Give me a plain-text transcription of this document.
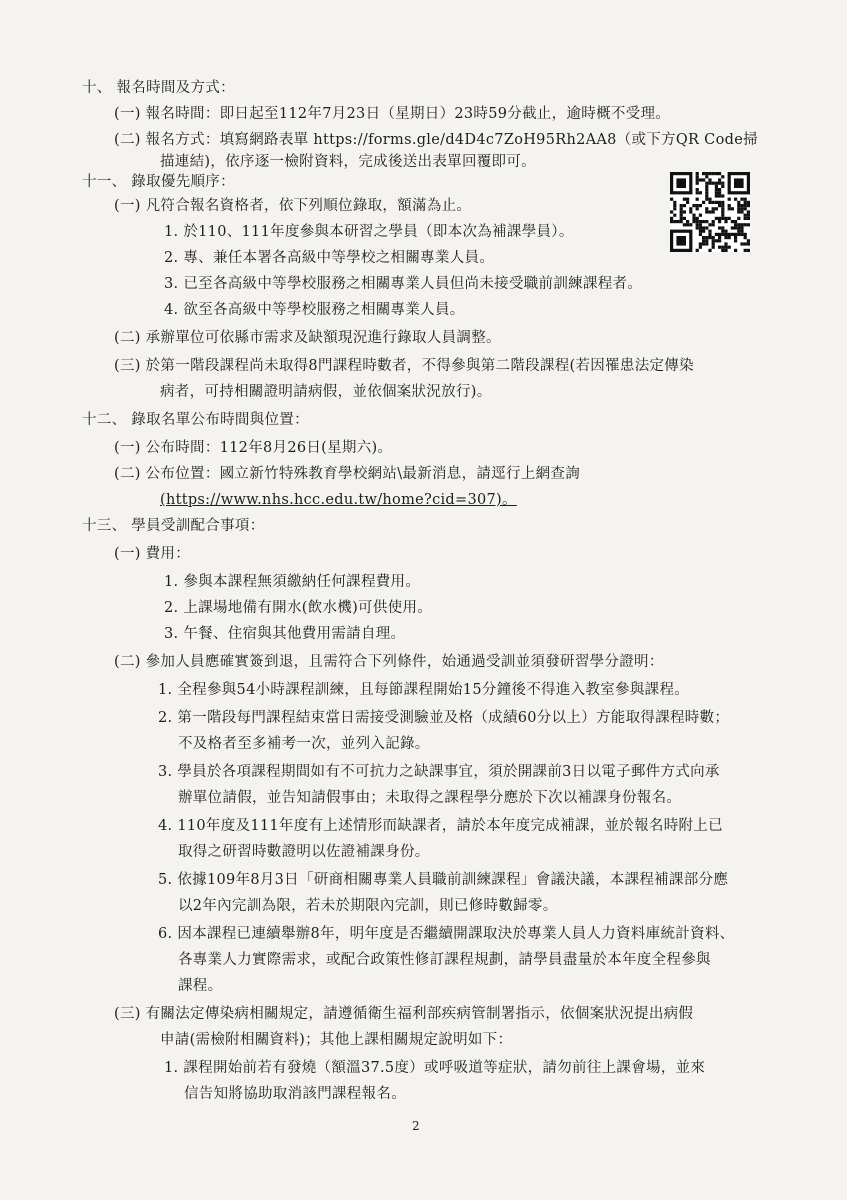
十、 報名時間及方式：
(一) 報名時間：即日起至112年7月23日（星期日）23時59分截止，逾時概不受理。
(二) 報名方式：填寫網路表單 https://forms.gle/d4D4c7ZoH95Rh2AA8（或下方QR Code掃
描連結)，依序逐一檢附資料，完成後送出表單回覆即可。
十一、 錄取優先順序：
(一) 凡符合報名資格者，依下列順位錄取，額滿為止。
1. 於110、111年度參與本研習之學員（即本次為補課學員）。
2. 專、兼任本署各高級中等學校之相關專業人員。
3. 已至各高級中等學校服務之相關專業人員但尚未接受職前訓練課程者。
4. 欲至各高級中等學校服務之相關專業人員。
(二) 承辦單位可依縣市需求及缺額現況進行錄取人員調整。
(三) 於第一階段課程尚未取得8門課程時數者，不得參與第二階段課程(若因罹患法定傳染
病者，可持相關證明請病假，並依個案狀況放行)。
十二、 錄取名單公布時間與位置：
(一) 公布時間：112年8月26日(星期六)。
(二) 公布位置：國立新竹特殊教育學校網站\最新消息，請逕行上網查詢
(https://www.nhs.hcc.edu.tw/home?cid=307)。
十三、 學員受訓配合事項：
(一) 費用：
1. 參與本課程無須繳納任何課程費用。
2. 上課場地備有開水(飲水機)可供使用。
3. 午餐、住宿與其他費用需請自理。
(二) 參加人員應確實簽到退，且需符合下列條件，始通過受訓並須發研習學分證明：
1. 全程參與54小時課程訓練，且每節課程開始15分鐘後不得進入教室參與課程。
2. 第一階段每門課程結束當日需接受測驗並及格（成績60分以上）方能取得課程時數；
不及格者至多補考一次，並列入記錄。
3. 學員於各項課程期間如有不可抗力之缺課事宜，須於開課前3日以電子郵件方式向承
辦單位請假，並告知請假事由；未取得之課程學分應於下次以補課身份報名。
4. 110年度及111年度有上述情形而缺課者，請於本年度完成補課，並於報名時附上已
取得之研習時數證明以佐證補課身份。
5. 依據109年8月3日「研商相關專業人員職前訓練課程」會議決議，本課程補課部分應
以2年內完訓為限，若未於期限內完訓，則已修時數歸零。
6. 因本課程已連續舉辦8年，明年度是否繼續開課取決於專業人員人力資料庫統計資料、
各專業人力實際需求，或配合政策性修訂課程規劃，請學員盡量於本年度全程參與
課程。
(三) 有關法定傳染病相關規定，請遵循衛生福利部疾病管制署指示，依個案狀況提出病假
申請(需檢附相關資料)；其他上課相關規定說明如下：
1. 課程開始前若有發燒（額溫37.5度）或呼吸道等症狀，請勿前往上課會場，並來
信告知將協助取消該門課程報名。
2
